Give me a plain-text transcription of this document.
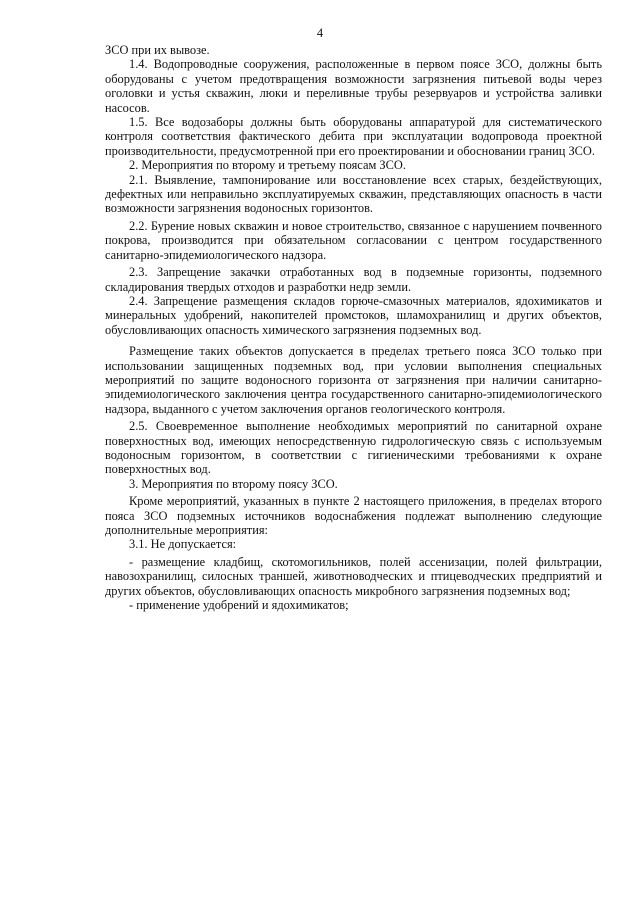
4

ЗСО при их вывозе.

1.4. Водопроводные сооружения, расположенные в первом поясе ЗСО, должны быть оборудованы с учетом предотвращения возможности загрязнения питьевой воды через оголовки и устья скважин, люки и переливные трубы резервуаров и устройства заливки насосов.

1.5. Все водозаборы должны быть оборудованы аппаратурой для систематического контроля соответствия фактического дебита при эксплуатации водопровода проектной производительности, предусмотренной при его проектировании и обосновании границ ЗСО.

2. Мероприятия по второму и третьему поясам ЗСО.

2.1. Выявление, тампонирование или восстановление всех старых, бездействующих, дефектных или неправильно эксплуатируемых скважин, представляющих опасность в части возможности загрязнения водоносных горизонтов.

2.2. Бурение новых скважин и новое строительство, связанное с нарушением почвенного покрова, производится при обязательном согласовании с центром государственного санитарно-эпидемиологического надзора.

2.3. Запрещение закачки отработанных вод в подземные горизонты, подземного складирования твердых отходов и разработки недр земли.

2.4. Запрещение размещения складов горюче-смазочных материалов, ядохимикатов и минеральных удобрений, накопителей промстоков, шламохранилищ и других объектов, обусловливающих опасность химического загрязнения подземных вод.

Размещение таких объектов допускается в пределах третьего пояса ЗСО только при использовании защищенных подземных вод, при условии выполнения специальных мероприятий по защите водоносного горизонта от загрязнения при наличии санитарно-эпидемиологического заключения центра государственного санитарно-эпидемиологического надзора, выданного с учетом заключения органов геологического контроля.

2.5. Своевременное выполнение необходимых мероприятий по санитарной охране поверхностных вод, имеющих непосредственную гидрологическую связь с используемым водоносным горизонтом, в соответствии с гигиеническими требованиями к охране поверхностных вод.

3. Мероприятия по второму поясу ЗСО.

Кроме мероприятий, указанных в пункте 2 настоящего приложения, в пределах второго пояса ЗСО подземных источников водоснабжения подлежат выполнению следующие дополнительные мероприятия:

3.1. Не допускается:

- размещение кладбищ, скотомогильников, полей ассенизации, полей фильтрации, навозохранилищ, силосных траншей, животноводческих и птицеводческих предприятий и других объектов, обусловливающих опасность микробного загрязнения подземных вод;

- применение удобрений и ядохимикатов;
